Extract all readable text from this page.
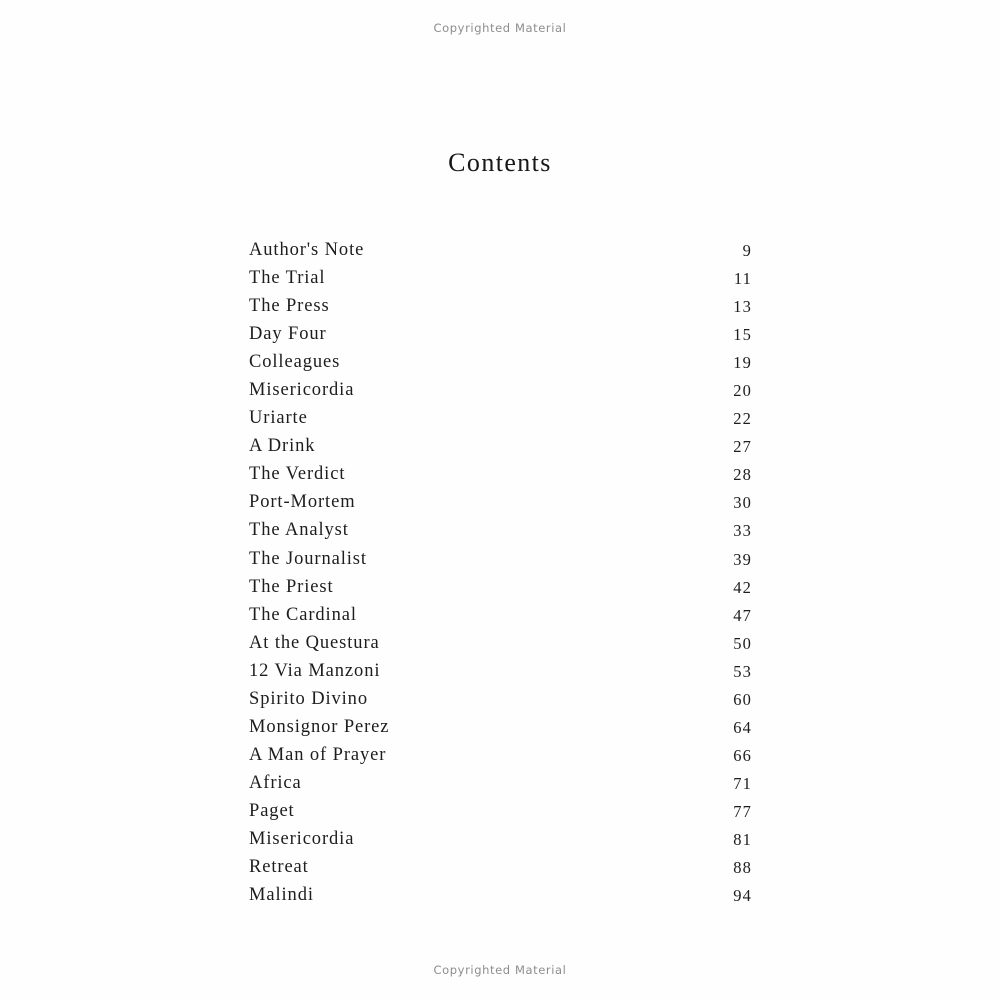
Copyrighted Material
Contents
Author's Note	9
The Trial	11
The Press	13
Day Four	15
Colleagues	19
Misericordia	20
Uriarte	22
A Drink	27
The Verdict	28
Port-Mortem	30
The Analyst	33
The Journalist	39
The Priest	42
The Cardinal	47
At the Questura	50
12 Via Manzoni	53
Spirito Divino	60
Monsignor Perez	64
A Man of Prayer	66
Africa	71
Paget	77
Misericordia	81
Retreat	88
Malindi	94
Copyrighted Material
